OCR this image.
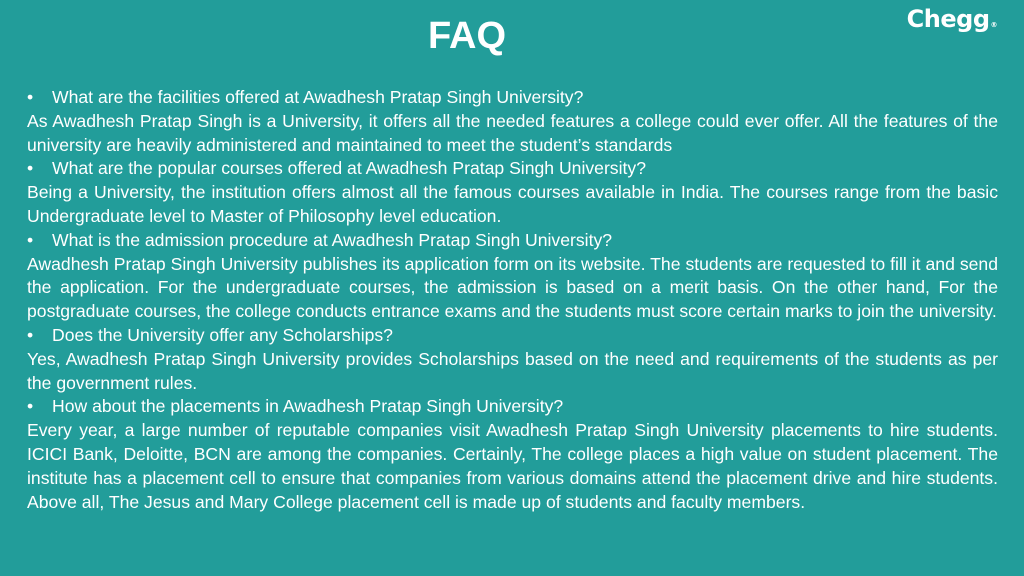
FAQ	Chegg®
• What are the facilities offered at Awadhesh Pratap Singh University?

As Awadhesh Pratap Singh is a University, it offers all the needed features a college could ever offer. All the features of the university are heavily administered and maintained to meet the student’s standards

• What are the popular courses offered at Awadhesh Pratap Singh University?

Being a University, the institution offers almost all the famous courses available in India. The courses range from the basic Undergraduate level to Master of Philosophy level education.

• What is the admission procedure at Awadhesh Pratap Singh University?

Awadhesh Pratap Singh University publishes its application form on its website. The students are requested to fill it and send the application. For the undergraduate courses, the admission is based on a merit basis. On the other hand, For the postgraduate courses, the college conducts entrance exams and the students must score certain marks to join the university.

• Does the University offer any Scholarships?

Yes, Awadhesh Pratap Singh University provides Scholarships based on the need and requirements of the students as per the government rules.

• How about the placements in Awadhesh Pratap Singh University?

Every year, a large number of reputable companies visit Awadhesh Pratap Singh University placements to hire students. ICICI Bank, Deloitte, BCN are among the companies. Certainly, The college places a high value on student placement. The institute has a placement cell to ensure that companies from various domains attend the placement drive and hire students. Above all, The Jesus and Mary College placement cell is made up of students and faculty members.
